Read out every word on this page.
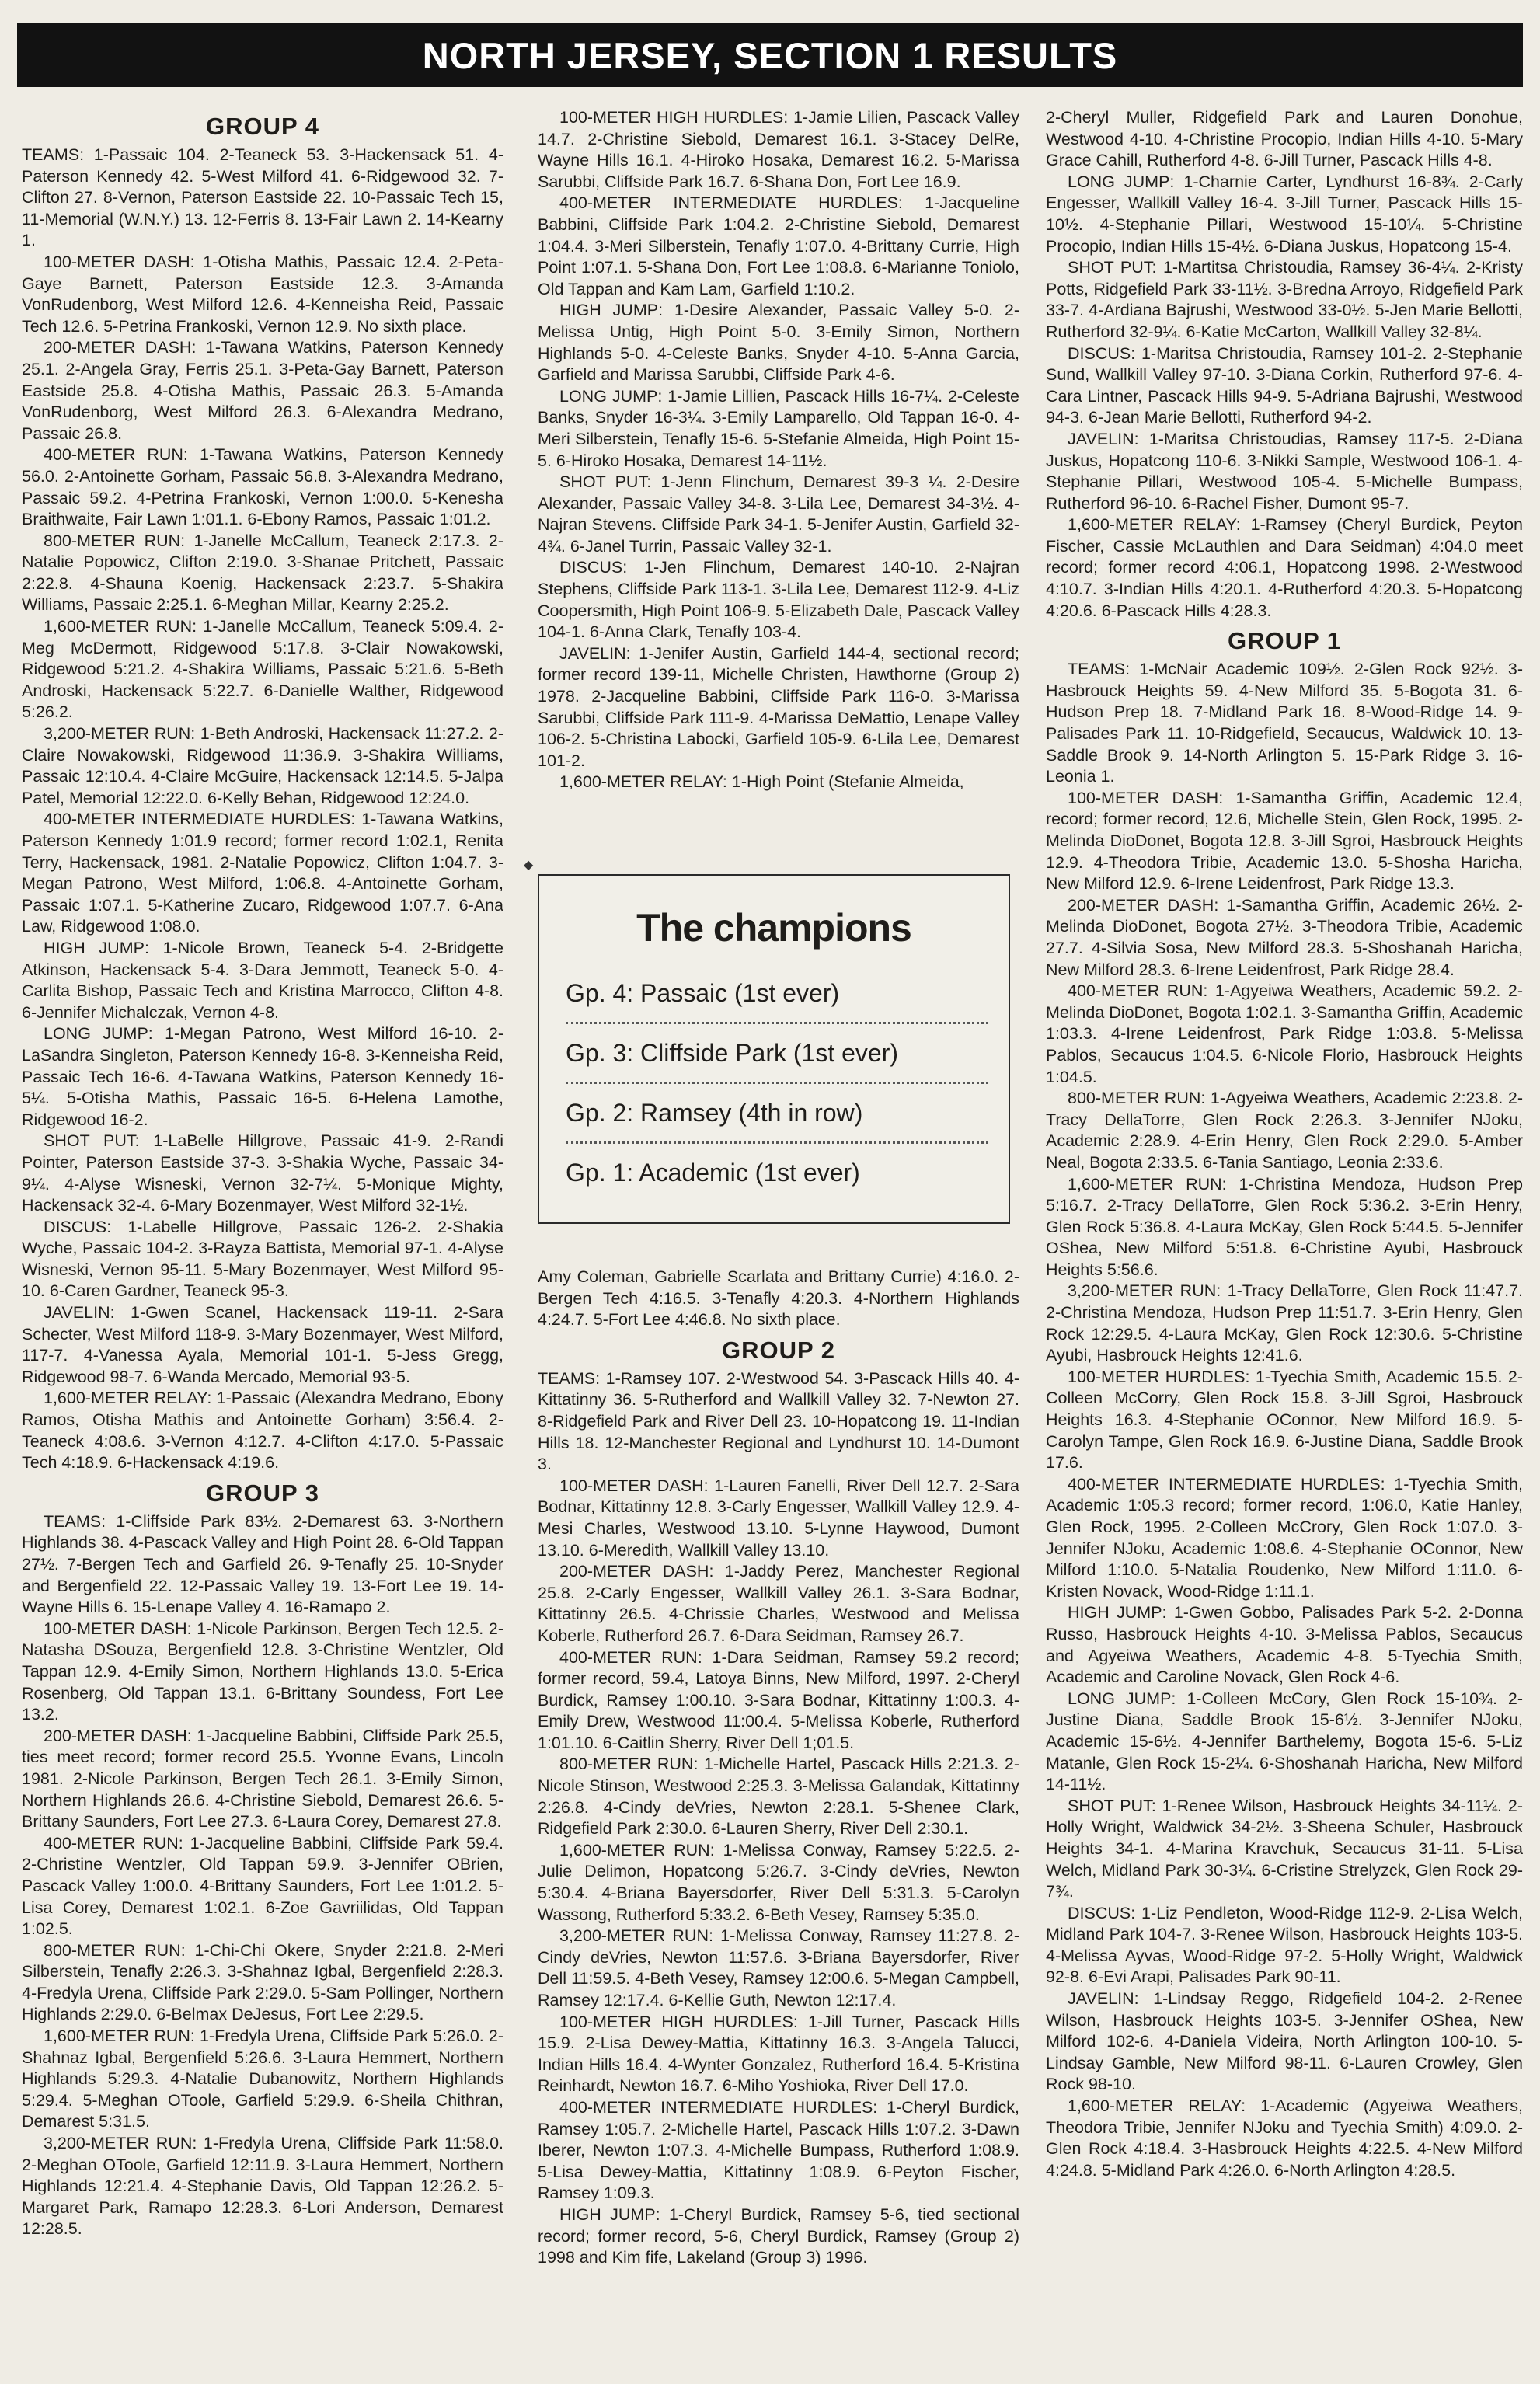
NORTH JERSEY, SECTION 1 RESULTS
GROUP 4

TEAMS: 1-Passaic 104. 2-Teaneck 53. 3-Hackensack 51. 4-Paterson Kennedy 42. 5-West Milford 41. 6-Ridgewood 32. 7-Clifton 27. 8-Vernon, Paterson Eastside 22. 10-Passaic Tech 15, 11-Memorial (W.N.Y.) 13. 12-Ferris 8. 13-Fair Lawn 2. 14-Kearny 1.

100-METER DASH: 1-Otisha Mathis, Passaic 12.4. 2-Peta-Gaye Barnett, Paterson Eastside 12.3. 3-Amanda VonRudenborg, West Milford 12.6. 4-Kenneisha Reid, Passaic Tech 12.6. 5-Petrina Frankoski, Vernon 12.9. No sixth place.

200-METER DASH: 1-Tawana Watkins, Paterson Kennedy 25.1. 2-Angela Gray, Ferris 25.1. 3-Peta-Gay Barnett, Paterson Eastside 25.8. 4-Otisha Mathis, Passaic 26.3. 5-Amanda VonRudenborg, West Milford 26.3. 6-Alexandra Medrano, Passaic 26.8.

400-METER RUN: 1-Tawana Watkins, Paterson Kennedy 56.0. 2-Antoinette Gorham, Passaic 56.8. 3-Alexandra Medrano, Passaic 59.2. 4-Petrina Frankoski, Vernon 1:00.0. 5-Kenesha Braithwaite, Fair Lawn 1:01.1. 6-Ebony Ramos, Passaic 1:01.2.

800-METER RUN: 1-Janelle McCallum, Teaneck 2:17.3. 2-Natalie Popowicz, Clifton 2:19.0. 3-Shanae Pritchett, Passaic 2:22.8. 4-Shauna Koenig, Hackensack 2:23.7. 5-Shakira Williams, Passaic 2:25.1. 6-Meghan Millar, Kearny 2:25.2.

1,600-METER RUN: 1-Janelle McCallum, Teaneck 5:09.4. 2-Meg McDermott, Ridgewood 5:17.8. 3-Clair Nowakowski, Ridgewood 5:21.2. 4-Shakira Williams, Passaic 5:21.6. 5-Beth Androski, Hackensack 5:22.7. 6-Danielle Walther, Ridgewood 5:26.2.

3,200-METER RUN: 1-Beth Androski, Hackensack 11:27.2. 2-Claire Nowakowski, Ridgewood 11:36.9. 3-Shakira Williams, Passaic 12:10.4. 4-Claire McGuire, Hackensack 12:14.5. 5-Jalpa Patel, Memorial 12:22.0. 6-Kelly Behan, Ridgewood 12:24.0.

400-METER INTERMEDIATE HURDLES: 1-Tawana Watkins, Paterson Kennedy 1:01.9 record; former record 1:02.1, Renita Terry, Hackensack, 1981. 2-Natalie Popowicz, Clifton 1:04.7. 3-Megan Patrono, West Milford, 1:06.8. 4-Antoinette Gorham, Passaic 1:07.1. 5-Katherine Zucaro, Ridgewood 1:07.7. 6-Ana Law, Ridgewood 1:08.0.

HIGH JUMP: 1-Nicole Brown, Teaneck 5-4. 2-Bridgette Atkinson, Hackensack 5-4. 3-Dara Jemmott, Teaneck 5-0. 4-Carlita Bishop, Passaic Tech and Kristina Marrocco, Clifton 4-8. 6-Jennifer Michalczak, Vernon 4-8.

LONG JUMP: 1-Megan Patrono, West Milford 16-10. 2-LaSandra Singleton, Paterson Kennedy 16-8. 3-Kenneisha Reid, Passaic Tech 16-6. 4-Tawana Watkins, Paterson Kennedy 16-5¼. 5-Otisha Mathis, Passaic 16-5. 6-Helena Lamothe, Ridgewood 16-2.

SHOT PUT: 1-LaBelle Hillgrove, Passaic 41-9. 2-Randi Pointer, Paterson Eastside 37-3. 3-Shakia Wyche, Passaic 34-9¼. 4-Alyse Wisneski, Vernon 32-7¼. 5-Monique Mighty, Hackensack 32-4. 6-Mary Bozenmayer, West Milford 32-1½.

DISCUS: 1-Labelle Hillgrove, Passaic 126-2. 2-Shakia Wyche, Passaic 104-2. 3-Rayza Battista, Memorial 97-1. 4-Alyse Wisneski, Vernon 95-11. 5-Mary Bozenmayer, West Milford 95-10. 6-Caren Gardner, Teaneck 95-3.

JAVELIN: 1-Gwen Scanel, Hackensack 119-11. 2-Sara Schecter, West Milford 118-9. 3-Mary Bozenmayer, West Milford, 117-7. 4-Vanessa Ayala, Memorial 101-1. 5-Jess Gregg, Ridgewood 98-7. 6-Wanda Mercado, Memorial 93-5.

1,600-METER RELAY: 1-Passaic (Alexandra Medrano, Ebony Ramos, Otisha Mathis and Antoinette Gorham) 3:56.4. 2-Teaneck 4:08.6. 3-Vernon 4:12.7. 4-Clifton 4:17.0. 5-Passaic Tech 4:18.9. 6-Hackensack 4:19.6.

GROUP 3

TEAMS: 1-Cliffside Park 83½. 2-Demarest 63. 3-Northern Highlands 38. 4-Pascack Valley and High Point 28. 6-Old Tappan 27½. 7-Bergen Tech and Garfield 26. 9-Tenafly 25. 10-Snyder and Bergenfield 22. 12-Passaic Valley 19. 13-Fort Lee 19. 14-Wayne Hills 6. 15-Lenape Valley 4. 16-Ramapo 2.

100-METER DASH: 1-Nicole Parkinson, Bergen Tech 12.5. 2-Natasha DSouza, Bergenfield 12.8. 3-Christine Wentzler, Old Tappan 12.9. 4-Emily Simon, Northern Highlands 13.0. 5-Erica Rosenberg, Old Tappan 13.1. 6-Brittany Soundess, Fort Lee 13.2.

200-METER DASH: 1-Jacqueline Babbini, Cliffside Park 25.5, ties meet record; former record 25.5. Yvonne Evans, Lincoln 1981. 2-Nicole Parkinson, Bergen Tech 26.1. 3-Emily Simon, Northern Highlands 26.6. 4-Christine Siebold, Demarest 26.6. 5-Brittany Saunders, Fort Lee 27.3. 6-Laura Corey, Demarest 27.8.

400-METER RUN: 1-Jacqueline Babbini, Cliffside Park 59.4. 2-Christine Wentzler, Old Tappan 59.9. 3-Jennifer OBrien, Pascack Valley 1:00.0. 4-Brittany Saunders, Fort Lee 1:01.2. 5-Lisa Corey, Demarest 1:02.1. 6-Zoe Gavriilidas, Old Tappan 1:02.5.

800-METER RUN: 1-Chi-Chi Okere, Snyder 2:21.8. 2-Meri Silberstein, Tenafly 2:26.3. 3-Shahnaz Igbal, Bergenfield 2:28.3. 4-Fredyla Urena, Cliffside Park 2:29.0. 5-Sam Pollinger, Northern Highlands 2:29.0. 6-Belmax DeJesus, Fort Lee 2:29.5.

1,600-METER RUN: 1-Fredyla Urena, Cliffside Park 5:26.0. 2-Shahnaz Igbal, Bergenfield 5:26.6. 3-Laura Hemmert, Northern Highlands 5:29.3. 4-Natalie Dubanowitz, Northern Highlands 5:29.4. 5-Meghan OToole, Garfield 5:29.9. 6-Sheila Chithran, Demarest 5:31.5.

3,200-METER RUN: 1-Fredyla Urena, Cliffside Park 11:58.0. 2-Meghan OToole, Garfield 12:11.9. 3-Laura Hemmert, Northern Highlands 12:21.4. 4-Stephanie Davis, Old Tappan 12:26.2. 5-Margaret Park, Ramapo 12:28.3. 6-Lori Anderson, Demarest 12:28.5.

100-METER HIGH HURDLES: 1-Jamie Lilien, Pascack Valley 14.7. 2-Christine Siebold, Demarest 16.1. 3-Stacey DelRe, Wayne Hills 16.1. 4-Hiroko Hosaka, Demarest 16.2. 5-Marissa Sarubbi, Cliffside Park 16.7. 6-Shana Don, Fort Lee 16.9.

400-METER INTERMEDIATE HURDLES: 1-Jacqueline Babbini, Cliffside Park 1:04.2. 2-Christine Siebold, Demarest 1:04.4. 3-Meri Silberstein, Tenafly 1:07.0. 4-Brittany Currie, High Point 1:07.1. 5-Shana Don, Fort Lee 1:08.8. 6-Marianne Toniolo, Old Tappan and Kam Lam, Garfield 1:10.2.

HIGH JUMP: 1-Desire Alexander, Passaic Valley 5-0. 2-Melissa Untig, High Point 5-0. 3-Emily Simon, Northern Highlands 5-0. 4-Celeste Banks, Snyder 4-10. 5-Anna Garcia, Garfield and Marissa Sarubbi, Cliffside Park 4-6.

LONG JUMP: 1-Jamie Lillien, Pascack Hills 16-7¼. 2-Celeste Banks, Snyder 16-3¼. 3-Emily Lamparello, Old Tappan 16-0. 4-Meri Silberstein, Tenafly 15-6. 5-Stefanie Almeida, High Point 15-5. 6-Hiroko Hosaka, Demarest 14-11½.

SHOT PUT: 1-Jenn Flinchum, Demarest 39-3 ¼. 2-Desire Alexander, Passaic Valley 34-8. 3-Lila Lee, Demarest 34-3½. 4-Najran Stevens. Cliffside Park 34-1. 5-Jenifer Austin, Garfield 32-4¾. 6-Janel Turrin, Passaic Valley 32-1.

DISCUS: 1-Jen Flinchum, Demarest 140-10. 2-Najran Stephens, Cliffside Park 113-1. 3-Lila Lee, Demarest 112-9. 4-Liz Coopersmith, High Point 106-9. 5-Elizabeth Dale, Pascack Valley 104-1. 6-Anna Clark, Tenafly 103-4.

JAVELIN: 1-Jenifer Austin, Garfield 144-4, sectional record; former record 139-11, Michelle Christen, Hawthorne (Group 2) 1978. 2-Jacqueline Babbini, Cliffside Park 116-0. 3-Marissa Sarubbi, Cliffside Park 111-9. 4-Marissa DeMattio, Lenape Valley 106-2. 5-Christina Labocki, Garfield 105-9. 6-Lila Lee, Demarest 101-2.

1,600-METER RELAY: 1-High Point (Stefanie Almeida,

◆
The champions
Gp. 4: Passaic (1st ever)
Gp. 3: Cliffside Park (1st ever)
Gp. 2: Ramsey (4th in row)
Gp. 1: Academic (1st ever)

Amy Coleman, Gabrielle Scarlata and Brittany Currie) 4:16.0. 2-Bergen Tech 4:16.5. 3-Tenafly 4:20.3. 4-Northern Highlands 4:24.7. 5-Fort Lee 4:46.8. No sixth place.

GROUP 2

TEAMS: 1-Ramsey 107. 2-Westwood 54. 3-Pascack Hills 40. 4-Kittatinny 36. 5-Rutherford and Wallkill Valley 32. 7-Newton 27. 8-Ridgefield Park and River Dell 23. 10-Hopatcong 19. 11-Indian Hills 18. 12-Manchester Regional and Lyndhurst 10. 14-Dumont 3.

100-METER DASH: 1-Lauren Fanelli, River Dell 12.7. 2-Sara Bodnar, Kittatinny 12.8. 3-Carly Engesser, Wallkill Valley 12.9. 4-Mesi Charles, Westwood 13.10. 5-Lynne Haywood, Dumont 13.10. 6-Meredith, Wallkill Valley 13.10.

200-METER DASH: 1-Jaddy Perez, Manchester Regional 25.8. 2-Carly Engesser, Wallkill Valley 26.1. 3-Sara Bodnar, Kittatinny 26.5. 4-Chrissie Charles, Westwood and Melissa Koberle, Rutherford 26.7. 6-Dara Seidman, Ramsey 26.7.

400-METER RUN: 1-Dara Seidman, Ramsey 59.2 record; former record, 59.4, Latoya Binns, New Milford, 1997. 2-Cheryl Burdick, Ramsey 1:00.10. 3-Sara Bodnar, Kittatinny 1:00.3. 4-Emily Drew, Westwood 11:00.4. 5-Melissa Koberle, Rutherford 1:01.10. 6-Caitlin Sherry, River Dell 1;01.5.

800-METER RUN: 1-Michelle Hartel, Pascack Hills 2:21.3. 2-Nicole Stinson, Westwood 2:25.3. 3-Melissa Galandak, Kittatinny 2:26.8. 4-Cindy deVries, Newton 2:28.1. 5-Shenee Clark, Ridgefield Park 2:30.0. 6-Lauren Sherry, River Dell 2:30.1.

1,600-METER RUN: 1-Melissa Conway, Ramsey 5:22.5. 2-Julie Delimon, Hopatcong 5:26.7. 3-Cindy deVries, Newton 5:30.4. 4-Briana Bayersdorfer, River Dell 5:31.3. 5-Carolyn Wassong, Rutherford 5:33.2. 6-Beth Vesey, Ramsey 5:35.0.

3,200-METER RUN: 1-Melissa Conway, Ramsey 11:27.8. 2-Cindy deVries, Newton 11:57.6. 3-Briana Bayersdorfer, River Dell 11:59.5. 4-Beth Vesey, Ramsey 12:00.6. 5-Megan Campbell, Ramsey 12:17.4. 6-Kellie Guth, Newton 12:17.4.

100-METER HIGH HURDLES: 1-Jill Turner, Pascack Hills 15.9. 2-Lisa Dewey-Mattia, Kittatinny 16.3. 3-Angela Talucci, Indian Hills 16.4. 4-Wynter Gonzalez, Rutherford 16.4. 5-Kristina Reinhardt, Newton 16.7. 6-Miho Yoshioka, River Dell 17.0.

400-METER INTERMEDIATE HURDLES: 1-Cheryl Burdick, Ramsey 1:05.7. 2-Michelle Hartel, Pascack Hills 1:07.2. 3-Dawn Iberer, Newton 1:07.3. 4-Michelle Bumpass, Rutherford 1:08.9. 5-Lisa Dewey-Mattia, Kittatinny 1:08.9. 6-Peyton Fischer, Ramsey 1:09.3.

HIGH JUMP: 1-Cheryl Burdick, Ramsey 5-6, tied sectional record; former record, 5-6, Cheryl Burdick, Ramsey (Group 2) 1998 and Kim fife, Lakeland (Group 3) 1996.

2-Cheryl Muller, Ridgefield Park and Lauren Donohue, Westwood 4-10. 4-Christine Procopio, Indian Hills 4-10. 5-Mary Grace Cahill, Rutherford 4-8. 6-Jill Turner, Pascack Hills 4-8.

LONG JUMP: 1-Charnie Carter, Lyndhurst 16-8¾. 2-Carly Engesser, Wallkill Valley 16-4. 3-Jill Turner, Pascack Hills 15-10½. 4-Stephanie Pillari, Westwood 15-10¼. 5-Christine Procopio, Indian Hills 15-4½. 6-Diana Juskus, Hopatcong 15-4.

SHOT PUT: 1-Martitsa Christoudia, Ramsey 36-4¼. 2-Kristy Potts, Ridgefield Park 33-11½. 3-Bredna Arroyo, Ridgefield Park 33-7. 4-Ardiana Bajrushi, Westwood 33-0½. 5-Jen Marie Bellotti, Rutherford 32-9¼. 6-Katie McCarton, Wallkill Valley 32-8¼.

DISCUS: 1-Maritsa Christoudia, Ramsey 101-2. 2-Stephanie Sund, Wallkill Valley 97-10. 3-Diana Corkin, Rutherford 97-6. 4-Cara Lintner, Pascack Hills 94-9. 5-Adriana Bajrushi, Westwood 94-3. 6-Jean Marie Bellotti, Rutherford 94-2.

JAVELIN: 1-Maritsa Christoudias, Ramsey 117-5. 2-Diana Juskus, Hopatcong 110-6. 3-Nikki Sample, Westwood 106-1. 4-Stephanie Pillari, Westwood 105-4. 5-Michelle Bumpass, Rutherford 96-10. 6-Rachel Fisher, Dumont 95-7.

1,600-METER RELAY: 1-Ramsey (Cheryl Burdick, Peyton Fischer, Cassie McLauthlen and Dara Seidman) 4:04.0 meet record; former record 4:06.1, Hopatcong 1998. 2-Westwood 4:10.7. 3-Indian Hills 4:20.1. 4-Rutherford 4:20.3. 5-Hopatcong 4:20.6. 6-Pascack Hills 4:28.3.

GROUP 1

TEAMS: 1-McNair Academic 109½. 2-Glen Rock 92½. 3-Hasbrouck Heights 59. 4-New Milford 35. 5-Bogota 31. 6-Hudson Prep 18. 7-Midland Park 16. 8-Wood-Ridge 14. 9-Palisades Park 11. 10-Ridgefield, Secaucus, Waldwick 10. 13-Saddle Brook 9. 14-North Arlington 5. 15-Park Ridge 3. 16-Leonia 1.

100-METER DASH: 1-Samantha Griffin, Academic 12.4, record; former record, 12.6, Michelle Stein, Glen Rock, 1995. 2-Melinda DioDonet, Bogota 12.8. 3-Jill Sgroi, Hasbrouck Heights 12.9. 4-Theodora Tribie, Academic 13.0. 5-Shosha Haricha, New Milford 12.9. 6-Irene Leidenfrost, Park Ridge 13.3.

200-METER DASH: 1-Samantha Griffin, Academic 26½. 2-Melinda DioDonet, Bogota 27½. 3-Theodora Tribie, Academic 27.7. 4-Silvia Sosa, New Milford 28.3. 5-Shoshanah Haricha, New Milford 28.3. 6-Irene Leidenfrost, Park Ridge 28.4.

400-METER RUN: 1-Agyeiwa Weathers, Academic 59.2. 2-Melinda DioDonet, Bogota 1:02.1. 3-Samantha Griffin, Academic 1:03.3. 4-Irene Leidenfrost, Park Ridge 1:03.8. 5-Melissa Pablos, Secaucus 1:04.5. 6-Nicole Florio, Hasbrouck Heights 1:04.5.

800-METER RUN: 1-Agyeiwa Weathers, Academic 2:23.8. 2-Tracy DellaTorre, Glen Rock 2:26.3. 3-Jennifer NJoku, Academic 2:28.9. 4-Erin Henry, Glen Rock 2:29.0. 5-Amber Neal, Bogota 2:33.5. 6-Tania Santiago, Leonia 2:33.6.

1,600-METER RUN: 1-Christina Mendoza, Hudson Prep 5:16.7. 2-Tracy DellaTorre, Glen Rock 5:36.2. 3-Erin Henry, Glen Rock 5:36.8. 4-Laura McKay, Glen Rock 5:44.5. 5-Jennifer OShea, New Milford 5:51.8. 6-Christine Ayubi, Hasbrouck Heights 5:56.6.

3,200-METER RUN: 1-Tracy DellaTorre, Glen Rock 11:47.7. 2-Christina Mendoza, Hudson Prep 11:51.7. 3-Erin Henry, Glen Rock 12:29.5. 4-Laura McKay, Glen Rock 12:30.6. 5-Christine Ayubi, Hasbrouck Heights 12:41.6.

100-METER HURDLES: 1-Tyechia Smith, Academic 15.5. 2-Colleen McCorry, Glen Rock 15.8. 3-Jill Sgroi, Hasbrouck Heights 16.3. 4-Stephanie OConnor, New Milford 16.9. 5-Carolyn Tampe, Glen Rock 16.9. 6-Justine Diana, Saddle Brook 17.6.

400-METER INTERMEDIATE HURDLES: 1-Tyechia Smith, Academic 1:05.3 record; former record, 1:06.0, Katie Hanley, Glen Rock, 1995. 2-Colleen McCrory, Glen Rock 1:07.0. 3-Jennifer NJoku, Academic 1:08.6. 4-Stephanie OConnor, New Milford 1:10.0. 5-Natalia Roudenko, New Milford 1:11.0. 6-Kristen Novack, Wood-Ridge 1:11.1.

HIGH JUMP: 1-Gwen Gobbo, Palisades Park 5-2. 2-Donna Russo, Hasbrouck Heights 4-10. 3-Melissa Pablos, Secaucus and Agyeiwa Weathers, Academic 4-8. 5-Tyechia Smith, Academic and Caroline Novack, Glen Rock 4-6.

LONG JUMP: 1-Colleen McCory, Glen Rock 15-10¾. 2-Justine Diana, Saddle Brook 15-6½. 3-Jennifer NJoku, Academic 15-6½. 4-Jennifer Barthelemy, Bogota 15-6. 5-Liz Matanle, Glen Rock 15-2¼. 6-Shoshanah Haricha, New Milford 14-11½.

SHOT PUT: 1-Renee Wilson, Hasbrouck Heights 34-11¼. 2-Holly Wright, Waldwick 34-2½. 3-Sheena Schuler, Hasbrouck Heights 34-1. 4-Marina Kravchuk, Secaucus 31-11. 5-Lisa Welch, Midland Park 30-3¼. 6-Cristine Strelyzck, Glen Rock 29-7¾.

DISCUS: 1-Liz Pendleton, Wood-Ridge 112-9. 2-Lisa Welch, Midland Park 104-7. 3-Renee Wilson, Hasbrouck Heights 103-5. 4-Melissa Ayvas, Wood-Ridge 97-2. 5-Holly Wright, Waldwick 92-8. 6-Evi Arapi, Palisades Park 90-11.

JAVELIN: 1-Lindsay Reggo, Ridgefield 104-2. 2-Renee Wilson, Hasbrouck Heights 103-5. 3-Jennifer OShea, New Milford 102-6. 4-Daniela Videira, North Arlington 100-10. 5-Lindsay Gamble, New Milford 98-11. 6-Lauren Crowley, Glen Rock 98-10.

1,600-METER RELAY: 1-Academic (Agyeiwa Weathers, Theodora Tribie, Jennifer NJoku and Tyechia Smith) 4:09.0. 2-Glen Rock 4:18.4. 3-Hasbrouck Heights 4:22.5. 4-New Milford 4:24.8. 5-Midland Park 4:26.0. 6-North Arlington 4:28.5.
